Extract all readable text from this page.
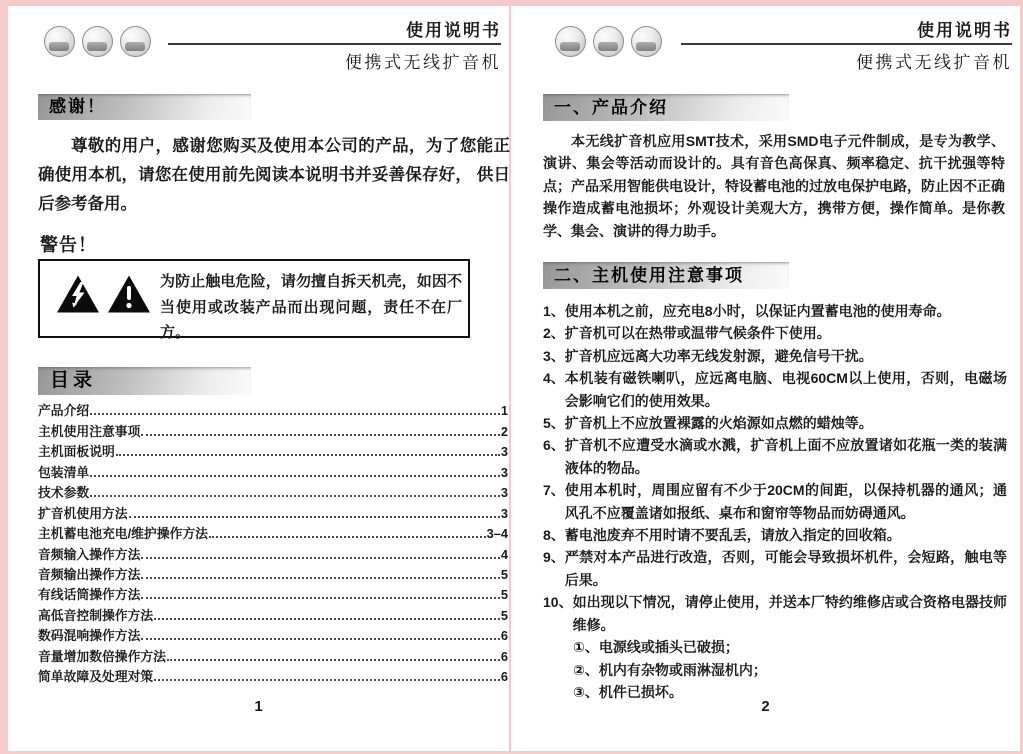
使用说明书
便携式无线扩音机
感谢！
尊敬的用户，感谢您购买及使用本公司的产品，为了您能正确使用本机，请您在使用前先阅读本说明书并妥善保存好， 供日后参考备用。
警告！
为防止触电危险，请勿擅自拆天机壳，如因不当使用或改装产品而出现问题，责任不在厂方。
目录
产品介绍	1
主机使用注意事项	2
主机面板说明	3
包装清单	3
技术参数	3
扩音机使用方法	3
主机蓄电池充电/维护操作方法	3–4
音频输入操作方法	4
音频输出操作方法	5
有线话筒操作方法	5
高低音控制操作方法	5
数码混响操作方法	6
音量增加数倍操作方法	6
简单故障及处理对策	6
1
使用说明书
便携式无线扩音机
一、产品介绍
本无线扩音机应用SMT技术，采用SMD电子元件制成，是专为教学、演讲、集会等活动而设计的。具有音色高保真、频率稳定、抗干扰强等特点；产品采用智能供电设计，特设蓄电池的过放电保护电路，防止因不正确操作造成蓄电池损坏；外观设计美观大方，携带方便，操作简单。是你教学、集会、演讲的得力助手。
二、主机使用注意事项
1、 使用本机之前，应充电8小时，以保证内置蓄电池的使用寿命。
2、 扩音机可以在热带或温带气候条件下使用。
3、 扩音机应远离大功率无线发射源，避免信号干扰。
4、 本机装有磁铁喇叭，应远离电脑、电视60CM以上使用，否则，电磁场会影响它们的使用效果。
5、 扩音机上不应放置裸露的火焰源如点燃的蜡烛等。
6、 扩音机不应遭受水滴或水溅，扩音机上面不应放置诸如花瓶一类的装满液体的物品。
7、 使用本机时，周围应留有不少于20CM的间距，以保持机器的通风；通风孔不应覆盖诸如报纸、桌布和窗帘等物品而妨碍通风。
8、 蓄电池废弃不用时请不要乱丢，请放入指定的回收箱。
9、 严禁对本产品进行改造，否则，可能会导致损坏机件，会短路，触电等后果。
10、 如出现以下情况，请停止使用，并送本厂特约维修店或合资格电器技师维修。
①、 电源线或插头已破损；
②、 机内有杂物或雨淋湿机内；
③、 机件已损坏。
2
